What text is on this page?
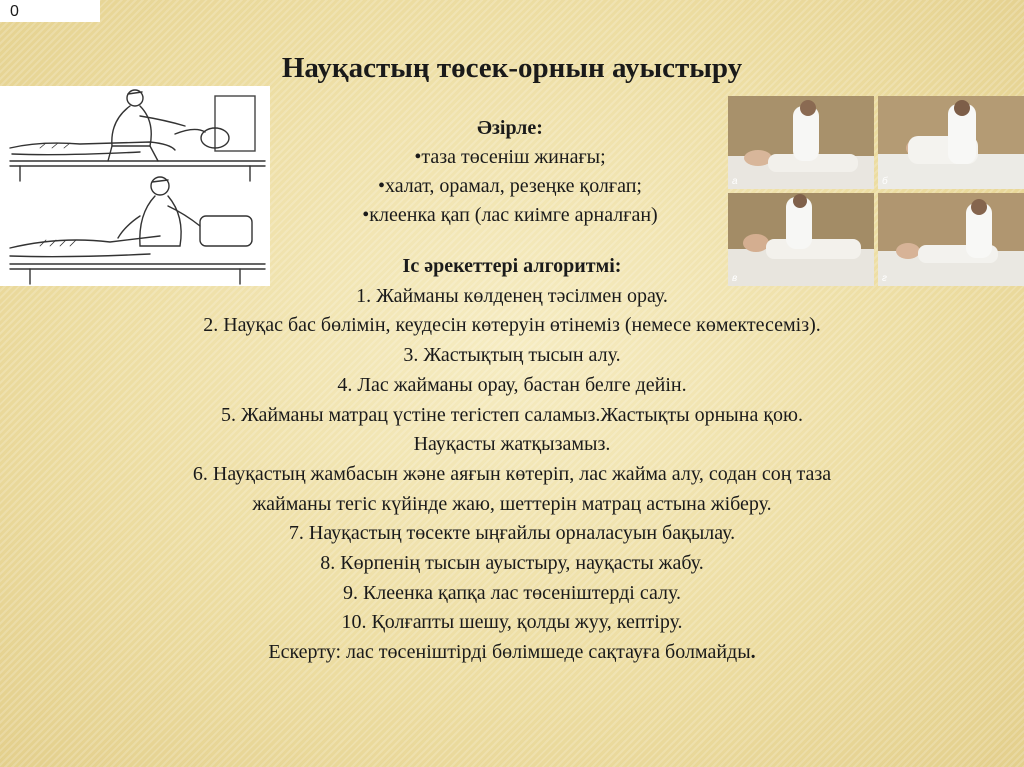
0
Науқастың төсек-орнын ауыстыру
а	б
в	г
Әзірле:
•таза төсеніш жинағы;
•халат, орамал, резеңке қолғап;
•клеенка қап (лас киімге арналған)
Іс әрекеттері алгоритмі:
1. Жайманы көлденең тәсілмен орау.
2. Науқас бас бөлімін, кеудесін көтеруін өтінеміз (немесе көмектесеміз).
3. Жастықтың тысын алу.
4. Лас жайманы орау, бастан белге дейін.
5. Жайманы матрац үстіне тегістеп саламыз.Жастықты орнына қою.
Науқасты жатқызамыз.
6. Науқастың жамбасын және аяғын көтеріп, лас жайма алу, содан соң таза
жайманы тегіс күйінде жаю, шеттерін матрац астына жіберу.
7. Науқастың төсекте ыңғайлы орналасуын бақылау.
8. Көрпенің тысын ауыстыру, науқасты жабу.
9. Клеенка қапқа лас төсеніштерді салу.
10. Қолғапты шешу, қолды жуу, кептіру.
Ескерту: лас төсеніштірді бөлімшеде сақтауға болмайды.
